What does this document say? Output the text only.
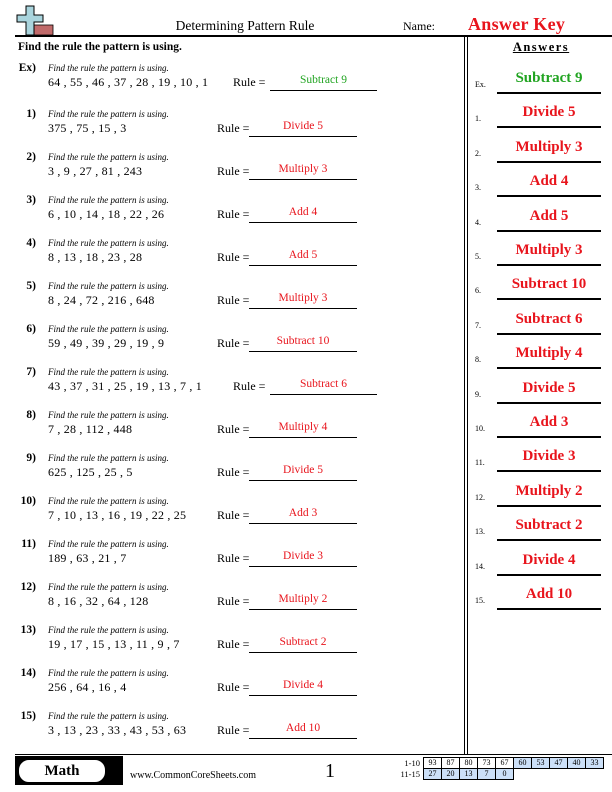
Determining Pattern Rule	Name: Answer Key
Find the rule the pattern is using.
Ex) Find the rule the pattern is using.
64 , 55 , 46 , 37 , 28 , 19 , 10 , 1 Rule =	Subtract 9
1) Find the rule the pattern is using.
375 , 75 , 15 , 3	Rule =	Divide 5
2) Find the rule the pattern is using.
3 , 9 , 27 , 81 , 243	Rule =	Multiply 3
3) Find the rule the pattern is using.
6 , 10 , 14 , 18 , 22 , 26	Rule =	Add 4
4) Find the rule the pattern is using.
8 , 13 , 18 , 23 , 28	Rule =	Add 5
5) Find the rule the pattern is using.
8 , 24 , 72 , 216 , 648	Rule =	Multiply 3
6) Find the rule the pattern is using.
59 , 49 , 39 , 29 , 19 , 9	Rule =	Subtract 10
7) Find the rule the pattern is using.
43 , 37 , 31 , 25 , 19 , 13 , 7 , 1	Rule =	Subtract 6
8) Find the rule the pattern is using.
7 , 28 , 112 , 448	Rule =	Multiply 4
9) Find the rule the pattern is using.
625 , 125 , 25 , 5	Rule =	Divide 5
10) Find the rule the pattern is using.
7 , 10 , 13 , 16 , 19 , 22 , 25	Rule =	Add 3
11) Find the rule the pattern is using.
189 , 63 , 21 , 7	Rule =	Divide 3
12) Find the rule the pattern is using.
8 , 16 , 32 , 64 , 128	Rule =	Multiply 2
13) Find the rule the pattern is using.
19 , 17 , 15 , 13 , 11 , 9 , 7	Rule =	Subtract 2
14) Find the rule the pattern is using.
256 , 64 , 16 , 4	Rule =	Divide 4
15) Find the rule the pattern is using.
3 , 13 , 23 , 33 , 43 , 53 , 63	Rule =	Add 10
Answers
Ex.	Subtract 9
1.	Divide 5
2.	Multiply 3
3.	Add 4
4.	Add 5
5.	Multiply 3
6.	Subtract 10
7.	Subtract 6
8.	Multiply 4
9.	Divide 5
10.	Add 3
11.	Divide 3
12.	Multiply 2
13.	Subtract 2
14.	Divide 4
15.	Add 10
Math	www.CommonCoreSheets.com	1	1-10
11-15
93	87	80	73	67	60	53	47	40	33
27	20	13	7	0					
